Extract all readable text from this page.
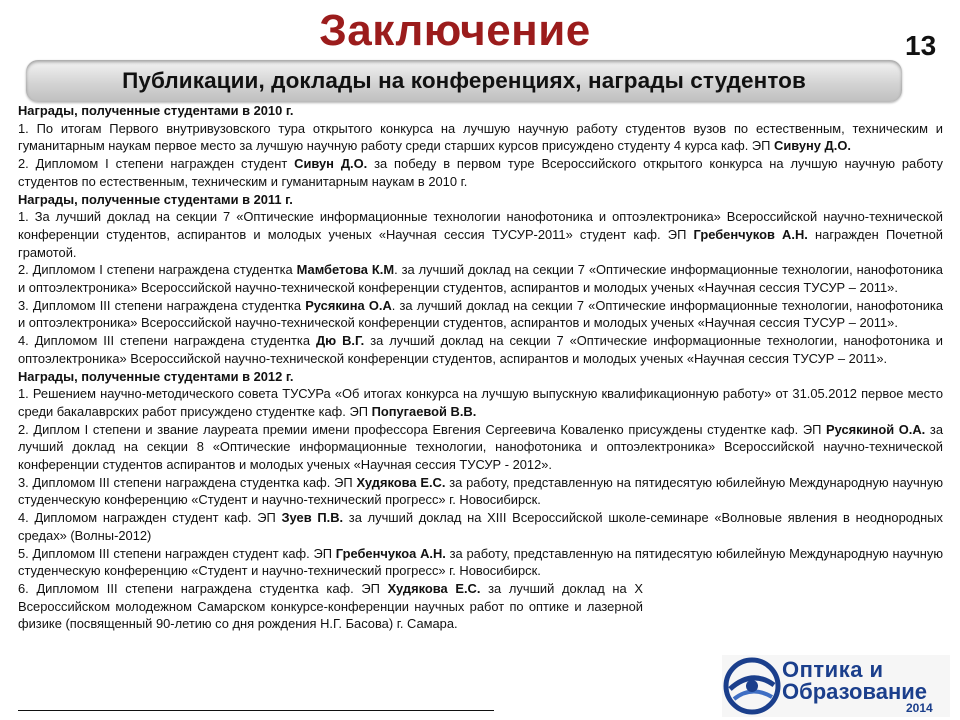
Заключение	13
Публикации, доклады на конференциях, награды студентов

Награды, полученные студентами в 2010 г.

1. По итогам Первого внутривузовского тура открытого конкурса на лучшую научную работу студентов вузов по естественным, техническим и гуманитарным наукам первое место за лучшую научную работу среди старших курсов присуждено студенту 4 курса каф. ЭП Сивуну Д.О.

2. Дипломом I степени награжден студент Сивун Д.О. за победу в первом туре Всероссийского открытого конкурса на лучшую научную работу студентов по естественным, техническим и гуманитарным наукам в 2010 г.

Награды, полученные студентами в 2011 г.

1. За лучший доклад на секции 7 «Оптические информационные технологии нанофотоника и оптоэлектроника» Всероссийской научно-технической конференции студентов, аспирантов и молодых ученых «Научная сессия ТУСУР-2011» студент каф. ЭП Гребенчуков А.Н. награжден Почетной грамотой.

2. Дипломом I степени награждена студентка Мамбетова К.М. за лучший доклад на секции 7 «Оптические информационные технологии, нанофотоника и оптоэлектроника» Всероссийской научно-технической конференции студентов, аспирантов и молодых ученых «Научная сессия ТУСУР – 2011».

3. Дипломом III степени награждена студентка Русякина О.А. за лучший доклад на секции 7 «Оптические информационные технологии, нанофотоника и оптоэлектроника» Всероссийской научно-технической конференции студентов, аспирантов и молодых ученых «Научная сессия ТУСУР – 2011».

4. Дипломом III степени награждена студентка Дю В.Г. за лучший доклад на секции 7 «Оптические информационные технологии, нанофотоника и оптоэлектроника» Всероссийской научно-технической конференции студентов, аспирантов и молодых ученых «Научная сессия ТУСУР – 2011».

Награды, полученные студентами в 2012 г.

1. Решением научно-методического совета ТУСУРа «Об итогах конкурса на лучшую выпускную квалификационную работу» от 31.05.2012 первое место среди бакалаврских работ присуждено студентке каф. ЭП Попугаевой В.В.

2. Диплом I степени и звание лауреата премии имени профессора Евгения Сергеевича Коваленко присуждены студентке каф. ЭП Русякиной О.А. за лучший доклад на секции 8 «Оптические информационные технологии, нанофотоника и оптоэлектроника» Всероссийской научно-технической конференции студентов аспирантов и молодых ученых «Научная сессия ТУСУР - 2012».

3. Дипломом III степени награждена студентка каф. ЭП Худякова Е.С. за работу, представленную на пятидесятую юбилейную Международную научную студенческую конференцию «Студент и научно-технический прогресс» г. Новосибирск.

4. Дипломом награжден студент каф. ЭП Зуев П.В. за лучший доклад на XIII Всероссийской школе-семинаре «Волновые явления в неоднородных средах» (Волны-2012)

5. Дипломом III степени награжден студент каф. ЭП Гребенчукоа А.Н. за работу, представленную на пятидесятую юбилейную Международную научную студенческую конференцию «Студент и научно-технический прогресс» г. Новосибирск.

6. Дипломом III степени награждена студентка каф. ЭП Худякова Е.С. за лучший доклад на X Всероссийском молодежном Самарском конкурсе-конференции научных работ по оптике и лазерной физике (посвященный 90-летию со дня рождения Н.Г. Басова) г. Самара.

Оптика и
Образование
2014
